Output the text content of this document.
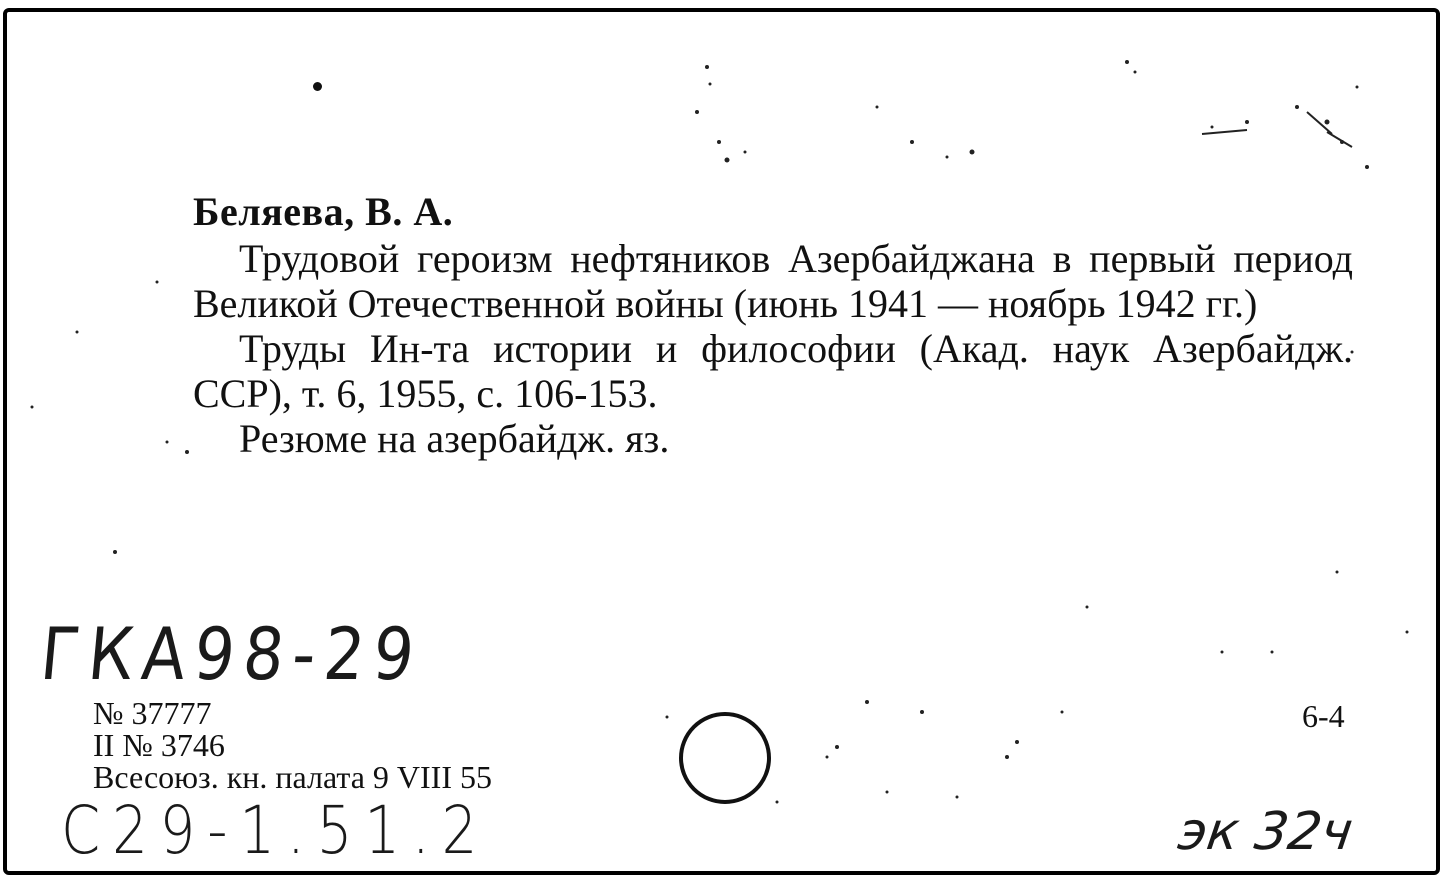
Беляева, В. А.

Трудовой героизм нефтяников Азербайджана в первый период Великой Отечественной войны (июнь 1941 — ноябрь 1942 гг.)

Труды Ин-та истории и философии (Акад. наук Азербайдж. ССР), т. 6, 1955, с. 106-153.

Резюме на азербайдж. яз.

ГКА98-29
№ 37777
II № 3746
Всесоюз. кн. палата 9 VIII 55
6-4
С29-1.51.2	эк 32ч
